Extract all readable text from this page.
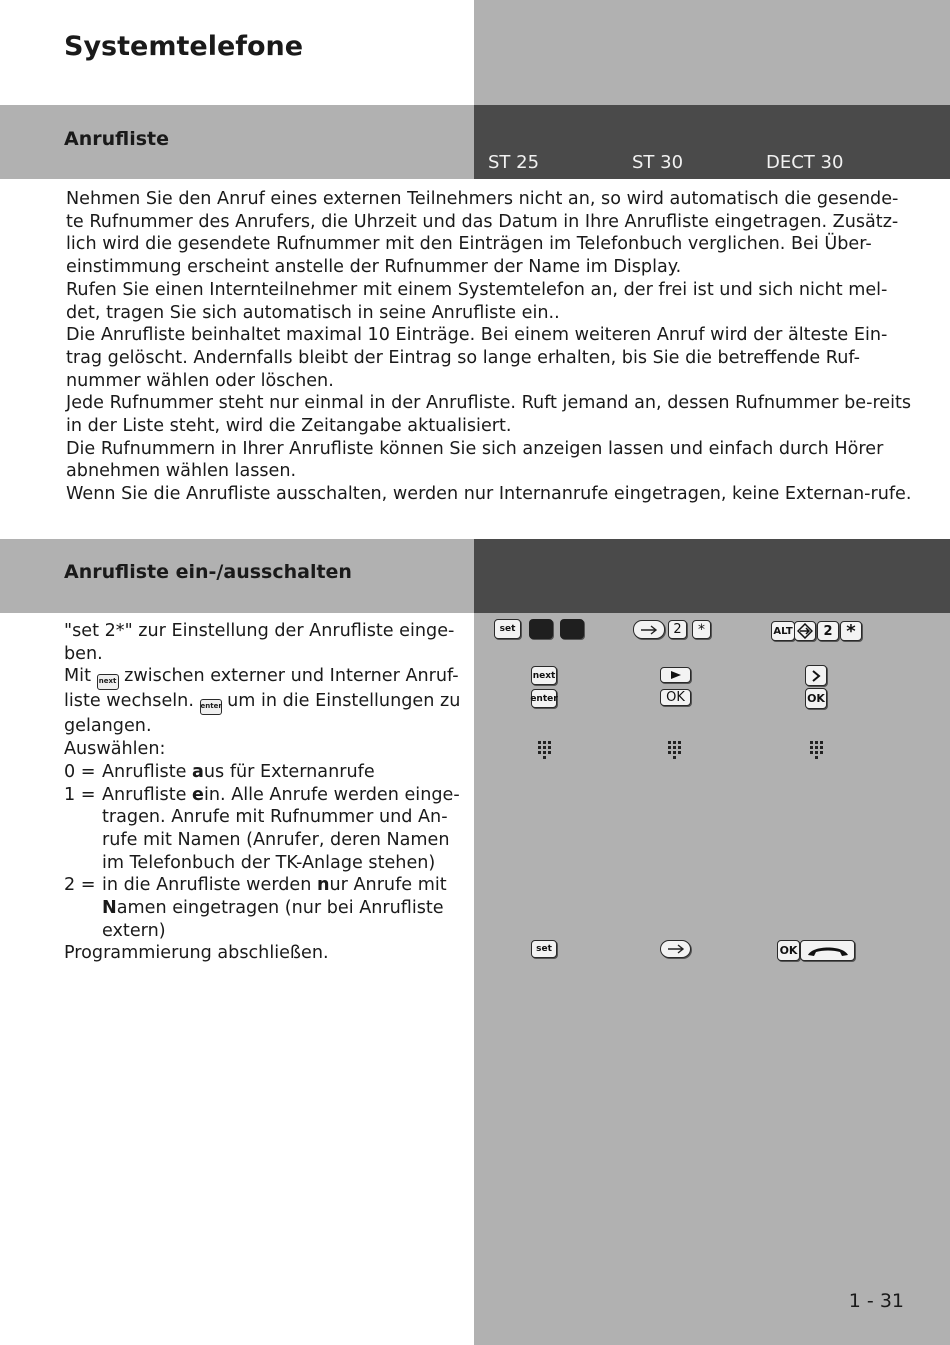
Systemtelefone
Anrufliste
ST 25	ST 30	DECT 30

Nehmen Sie den Anruf eines externen Teilnehmers nicht an, so wird automatisch die gesende-te Rufnummer des Anrufers, die Uhrzeit und das Datum in Ihre Anrufliste eingetragen. Zusätz-lich wird die gesendete Rufnummer mit den Einträgen im Telefonbuch verglichen. Bei Über-einstimmung erscheint anstelle der Rufnummer der Name im Display.

Rufen Sie einen Internteilnehmer mit einem Systemtelefon an, der frei ist und sich nicht mel-det, tragen Sie sich automatisch in seine Anrufliste ein..

Die Anrufliste beinhaltet maximal 10 Einträge. Bei einem weiteren Anruf wird der älteste Ein-trag gelöscht. Andernfalls bleibt der Eintrag so lange erhalten, bis Sie die betreffende Ruf-nummer wählen oder löschen.

Jede Rufnummer steht nur einmal in der Anrufliste. Ruft jemand an, dessen Rufnummer be-reits in der Liste steht, wird die Zeitangabe aktualisiert.

Die Rufnummern in Ihrer Anrufliste können Sie sich anzeigen lassen und einfach durch Hörer abnehmen wählen lassen.

Wenn Sie die Anrufliste ausschalten, werden nur Internanrufe eingetragen, keine Externan-rufe.

Anrufliste ein-/ausschalten

"set 2*" zur Einstellung der Anrufliste einge-ben.

Mit next zwischen externer und Interner Anruf-liste wechseln. enter um in die Einstellungen zu gelangen.

Auswählen:

0 = Anrufliste aus für Externanrufe
1 = Anrufliste ein. Alle Anrufe werden einge-tragen. Anrufe mit Rufnummer und An-rufe mit Namen (Anrufer, deren Namen im Telefonbuch der TK-Anlage stehen)
2 = in die Anrufliste werden nur Anrufe mit Namen eingetragen (nur bei Anrufliste extern)

Programmierung abschließen.

set	2	*	ALT	2 *
next
enter	OK	OK
set	OK
1 - 31
